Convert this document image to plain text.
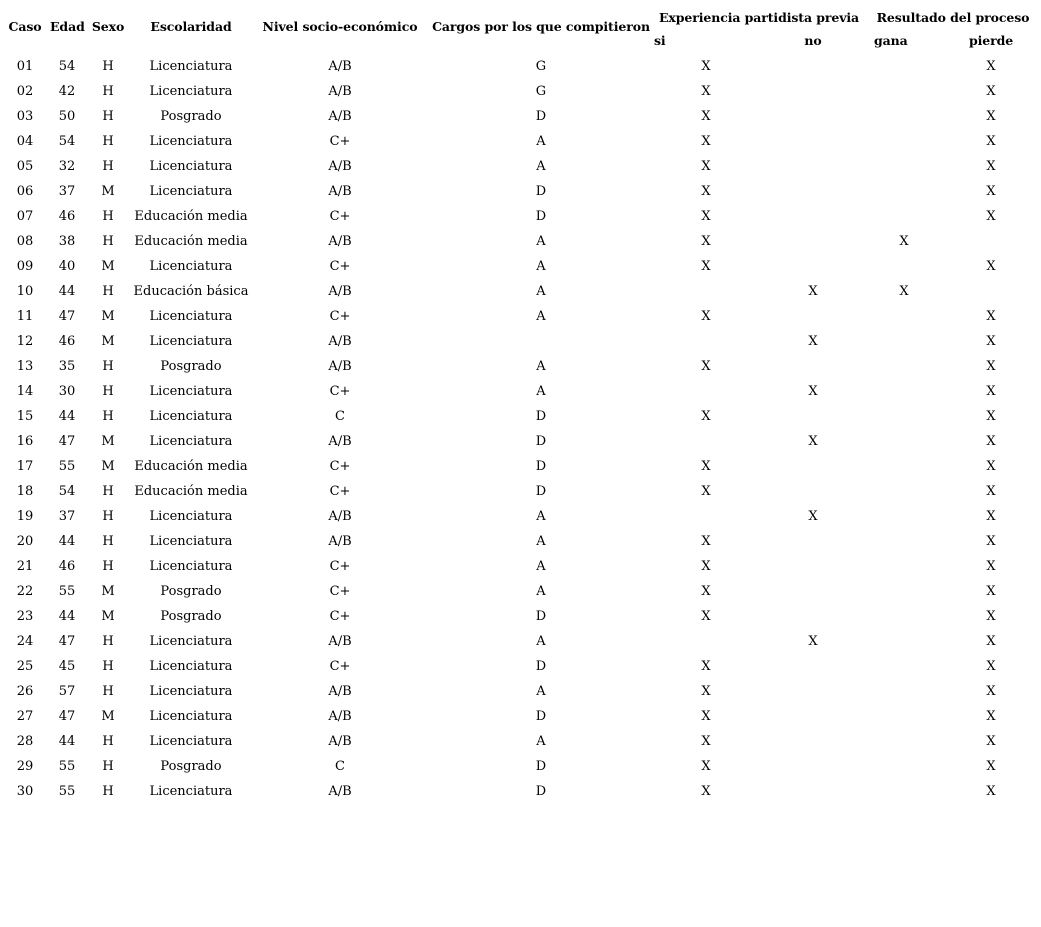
Caso	Edad	Sexo	Escolaridad	Nivel socio-económico	Cargos por los que compitieron	Experiencia partidista previa		Resultado del proceso	
						si	no	gana	pierde
01	54	H	Licenciatura	A/B	G	X			X
02	42	H	Licenciatura	A/B	G	X			X
03	50	H	Posgrado	A/B	D	X			X
04	54	H	Licenciatura	C+	A	X			X
05	32	H	Licenciatura	A/B	A	X			X
06	37	M	Licenciatura	A/B	D	X			X
07	46	H	Educación media	C+	D	X			X
08	38	H	Educación media	A/B	A	X		X	
09	40	M	Licenciatura	C+	A	X			X
10	44	H	Educación básica	A/B	A		X	X	
11	47	M	Licenciatura	C+	A	X			X
12	46	M	Licenciatura	A/B			X		X
13	35	H	Posgrado	A/B	A	X			X
14	30	H	Licenciatura	C+	A		X		X
15	44	H	Licenciatura	C	D	X			X
16	47	M	Licenciatura	A/B	D		X		X
17	55	M	Educación media	C+	D	X			X
18	54	H	Educación media	C+	D	X			X
19	37	H	Licenciatura	A/B	A		X		X
20	44	H	Licenciatura	A/B	A	X			X
21	46	H	Licenciatura	C+	A	X			X
22	55	M	Posgrado	C+	A	X			X
23	44	M	Posgrado	C+	D	X			X
24	47	H	Licenciatura	A/B	A		X		X
25	45	H	Licenciatura	C+	D	X			X
26	57	H	Licenciatura	A/B	A	X			X
27	47	M	Licenciatura	A/B	D	X			X
28	44	H	Licenciatura	A/B	A	X			X
29	55	H	Posgrado	C	D	X			X
30	55	H	Licenciatura	A/B	D	X			X
